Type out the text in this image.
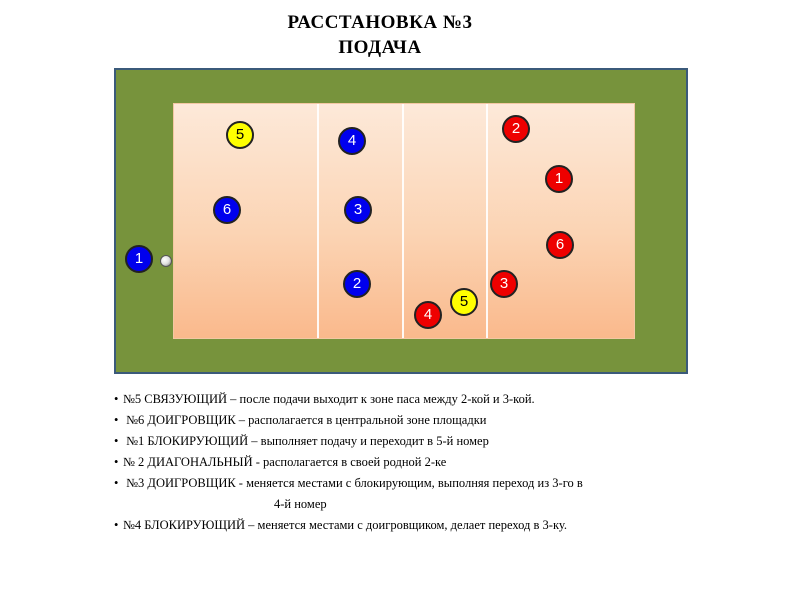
РАССТАНОВКА №3
ПОДАЧА
5	4
6	3
1
2
2
1
6
3
5
4
• №5 СВЯЗУЮЩИЙ – после подачи выходит к зоне паса между 2-кой и 3-кой.
• №6 ДОИГРОВЩИК – располагается в центральной зоне площадки
• №1 БЛОКИРУЮЩИЙ – выполняет подачу и переходит в 5-й номер
• № 2 ДИАГОНАЛЬНЫЙ - располагается в своей родной 2-ке
• №3 ДОИГРОВЩИК - меняется местами с блокирующим, выполняя переход из 3-го в
4-й номер
• №4 БЛОКИРУЮЩИЙ – меняется местами с доигровщиком, делает переход в 3-ку.
